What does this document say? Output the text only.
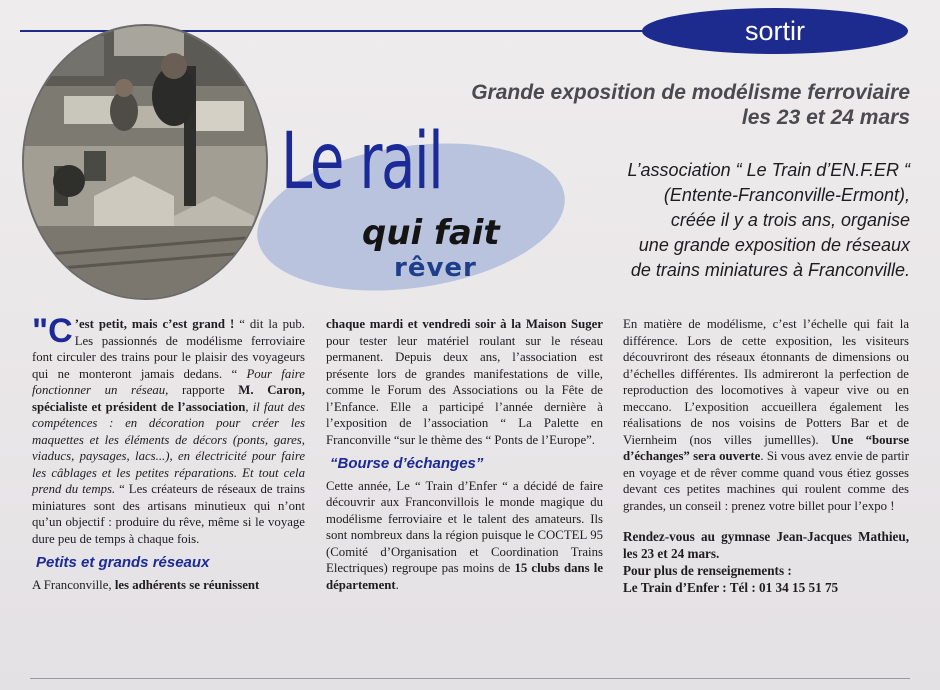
sortir
Le rail
qui fait
rêver
Grande exposition de modélisme ferroviaire
les 23 et 24 mars
L’association “ Le Train d’EN.F.ER “
(Entente-Franconville-Ermont),
créée il y a trois ans, organise
une grande exposition de réseaux
de trains miniatures à Franconville.

"C ’est petit, mais c’est grand ! “ dit la pub. Les passionnés de modélisme ferroviaire font circuler des trains pour le plaisir des voyageurs qui ne monteront jamais dedans. “ Pour faire fonctionner un réseau, rapporte M. Caron, spécialiste et président de l’association, il faut des compétences : en décoration pour créer les maquettes et les éléments de décors (ponts, gares, viaducs, paysages, lacs...), en électricité pour faire les câblages et les petites réparations. Et tout cela prend du temps. “ Les créateurs de réseaux de trains miniatures sont des artisans minutieux qui n’ont qu’un objectif : produire du rêve, même si le voyage dure peu de temps à chaque fois.

Petits et grands réseaux

A Franconville, les adhérents se réunissent

chaque mardi et vendredi soir à la Maison Suger pour tester leur matériel roulant sur le réseau permanent. Depuis deux ans, l’association est présente lors de grandes manifestations de ville, comme le Forum des Associations ou la Fête de l’Enfance. Elle a participé l’année dernière à l’exposition de l’association “ La Palette en Franconville “sur le thème des “ Ponts de l’Europe”.

“Bourse d’échanges”

Cette année, Le “ Train d’Enfer “ a décidé de faire découvrir aux Franconvillois le monde magique du modélisme ferroviaire et le talent des amateurs. Ils sont nombreux dans la région puisque le COCTEL 95 (Comité d’Organisation et Coordination Trains Electriques) regroupe pas moins de 15 clubs dans le département.

En matière de modélisme, c’est l’échelle qui fait la différence. Lors de cette exposition, les visiteurs découvriront des réseaux étonnants de dimensions ou d’échelles différentes. Ils admireront la perfection de reproduction des locomotives à vapeur vive ou en meccano. L’exposition accueillera également les réalisations de nos voisins de Potters Bar et de Viernheim (nos villes jumellles). Une “bourse d’échanges” sera ouverte. Si vous avez envie de partir en voyage et de rêver comme quand vous étiez gosses devant ces petites machines qui roulent comme des grandes, un conseil : prenez votre billet pour l’expo !

Rendez-vous au gymnase Jean-Jacques Mathieu, les 23 et 24 mars.
Pour plus de renseignements :
Le Train d’Enfer : Tél : 01 34 15 51 75
